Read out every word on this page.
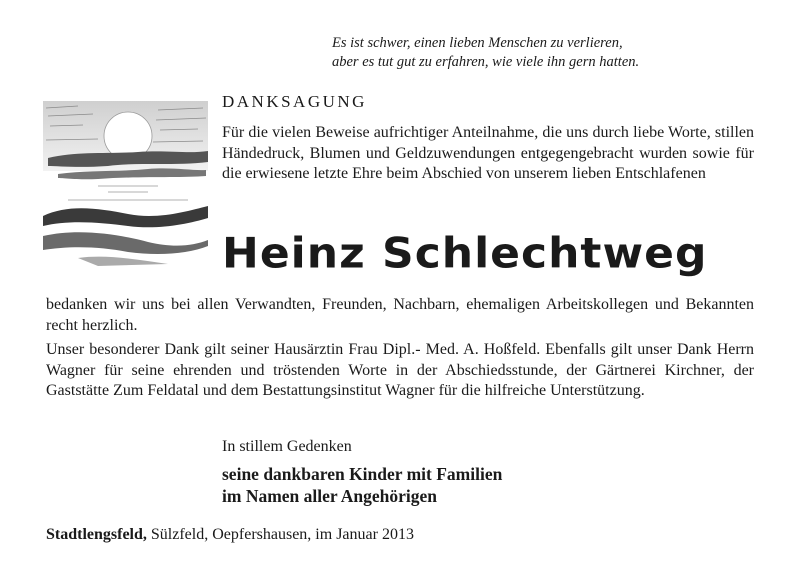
Es ist schwer, einen lieben Menschen zu verlieren,
aber es tut gut zu erfahren, wie viele ihn gern hatten.
DANKSAGUNG
Für die vielen Beweise aufrichtiger Anteilnahme, die uns durch liebe Worte, stillen Händedruck, Blumen und Geldzuwendungen entgegengebracht wurden sowie für die erwiesene letzte Ehre beim Abschied von unserem lieben Entschlafenen
Heinz Schlechtweg
bedanken wir uns bei allen Verwandten, Freunden, Nachbarn, ehemaligen Arbeitskollegen und Bekannten recht herzlich.
Unser besonderer Dank gilt seiner Hausärztin Frau Dipl.- Med. A. Hoßfeld. Ebenfalls gilt unser Dank Herrn Wagner für seine ehrenden und tröstenden Worte in der Abschiedsstunde, der Gärtnerei Kirchner, der Gaststätte Zum Feldatal und dem Bestattungsinstitut Wagner für die hilfreiche Unterstützung.
In stillem Gedenken
seine dankbaren Kinder mit Familien
im Namen aller Angehörigen
Stadtlengsfeld, Sülzfeld, Oepfershausen, im Januar 2013
